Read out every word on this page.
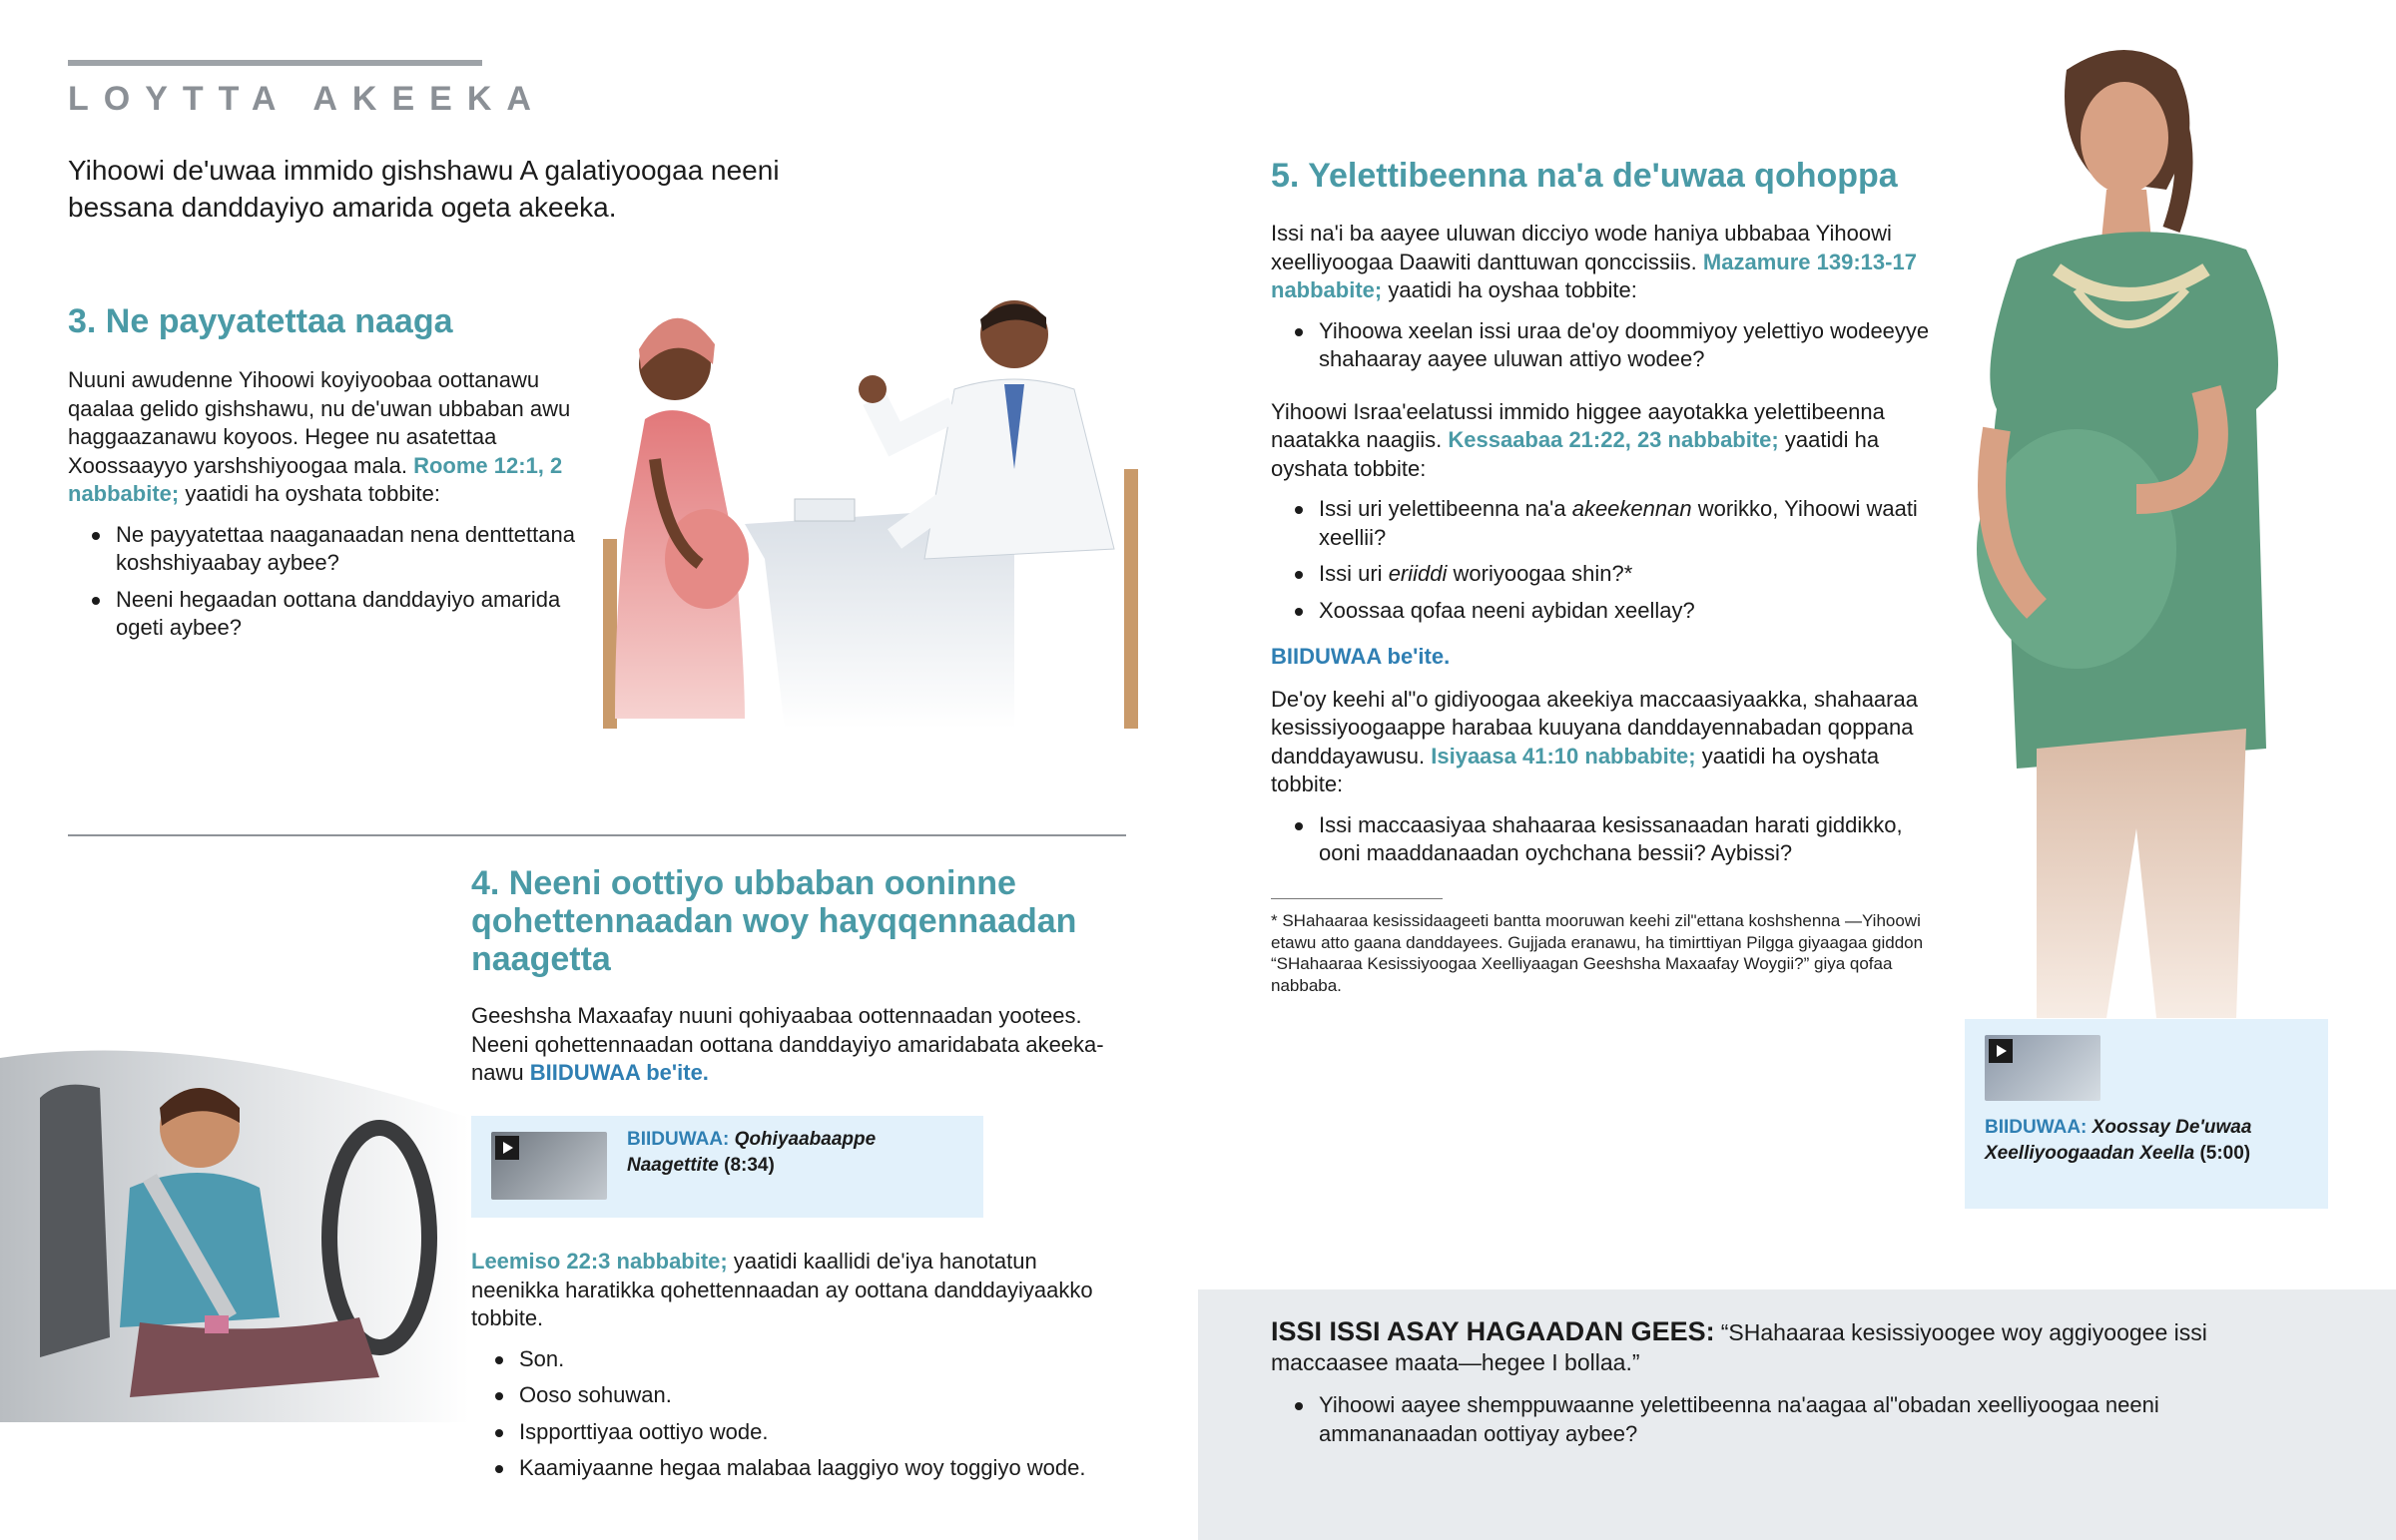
LOYTTA AKEEKA
Yihoowi de'uwaa immido gishshawu A galatiyoogaa neeni bessana danddayiyo amarida ogeta akeeka.
3. Ne payyatettaa naaga

Nuuni awudenne Yihoowi koyiyoobaa oottanawu qaalaa gelido gishshawu, nu de'uwan ubbaban awu haggaazanawu koyoos. Hegee nu asatettaa Xoossaayyo yarshshiyoogaa mala. Roome 12:1, 2 nabbabite; yaatidi ha oyshata tobbite:

Ne payyatettaa naaganaadan nena denttettana koshshiyaabay aybee?
Neeni hegaadan oottana danddayiyo amarida ogeti aybee?
4. Neeni oottiyo ubbaban ooninne qohettennaadan woy hayqqennaadan naagetta

Geeshsha Maxaafay nuuni qohiyaabaa oottennaadan yootees. Neeni qohettennaadan oottana danddayiyo amaridabata akeekanawu BIIDUWAA be'ite.

BIIDUWAA: Qohiyaabaappe Naagettite (8:34)

Leemiso 22:3 nabbabite; yaatidi kaallidi de'iya hanotatun neenikka haratikka qohettennaadan ay oottana danddayiyaakko tobbite.

Son.
Ooso sohuwan.
Ispporttiyaa oottiyo wode.
Kaamiyaanne hegaa malabaa laaggiyo woy toggiyo wode.
5. Yelettibeenna na'a de'uwaa qohoppa

Issi na'i ba aayee uluwan dicciyo wode haniya ubbabaa Yihoowi xeelliyoogaa Daawiti danttuwan qonccissiis. Mazamure 139:13-17 nabbabite; yaatidi ha oyshaa tobbite:

Yihoowa xeelan issi uraa de'oy doommiyoy yelettiyo wodeeyye shahaaray aayee uluwan attiyo wodee?

Yihoowi Israa'eelatussi immido higgee aayotakka yelettibeenna naatakka naagiis. Kessaabaa 21:22, 23 nabbabite; yaatidi ha oyshata tobbite:

Issi uri yelettibeenna na'a akeekennan worikko, Yihoowi waati xeellii?
Issi uri eriiddi woriyoogaa shin?*
Xoossaa qofaa neeni aybidan xeellay?

BIIDUWAA be'ite.

De'oy keehi al"o gidiyoogaa akeekiya maccaasiyaakka, shahaaraa kesissiyoogaappe harabaa kuuyana danddayennabadan qoppana danddayawusu. Isiyaasa 41:10 nabbabite; yaatidi ha oyshata tobbite:

Issi maccaasiyaa shahaaraa kesissanaadan harati giddikko, ooni maaddanaadan oychchana bessii? Aybissi?
* SHahaaraa kesissidaageeti bantta mooruwan keehi zil"ettana koshshenna —Yihoowi etawu atto gaana danddayees. Gujjada eranawu, ha timirttiyan Pilgga giyaagaa giddon “SHahaaraa Kesissiyoogaa Xeelliyaagan Geeshsha Maxaafay Woygii?” giya qofaa nabbaba.
BIIDUWAA: Xoossay De'uwaa Xeelliyoogaadan Xeella (5:00)

ISSI ISSI ASAY HAGAADAN GEES: “SHahaaraa kesissiyoogee woy aggiyoogee issi maccaasee maata—hegee I bollaa.”

Yihoowi aayee shemppuwaanne yelettibeenna na'aagaa al"obadan xeelliyoogaa neeni ammananaadan oottiyay aybee?
